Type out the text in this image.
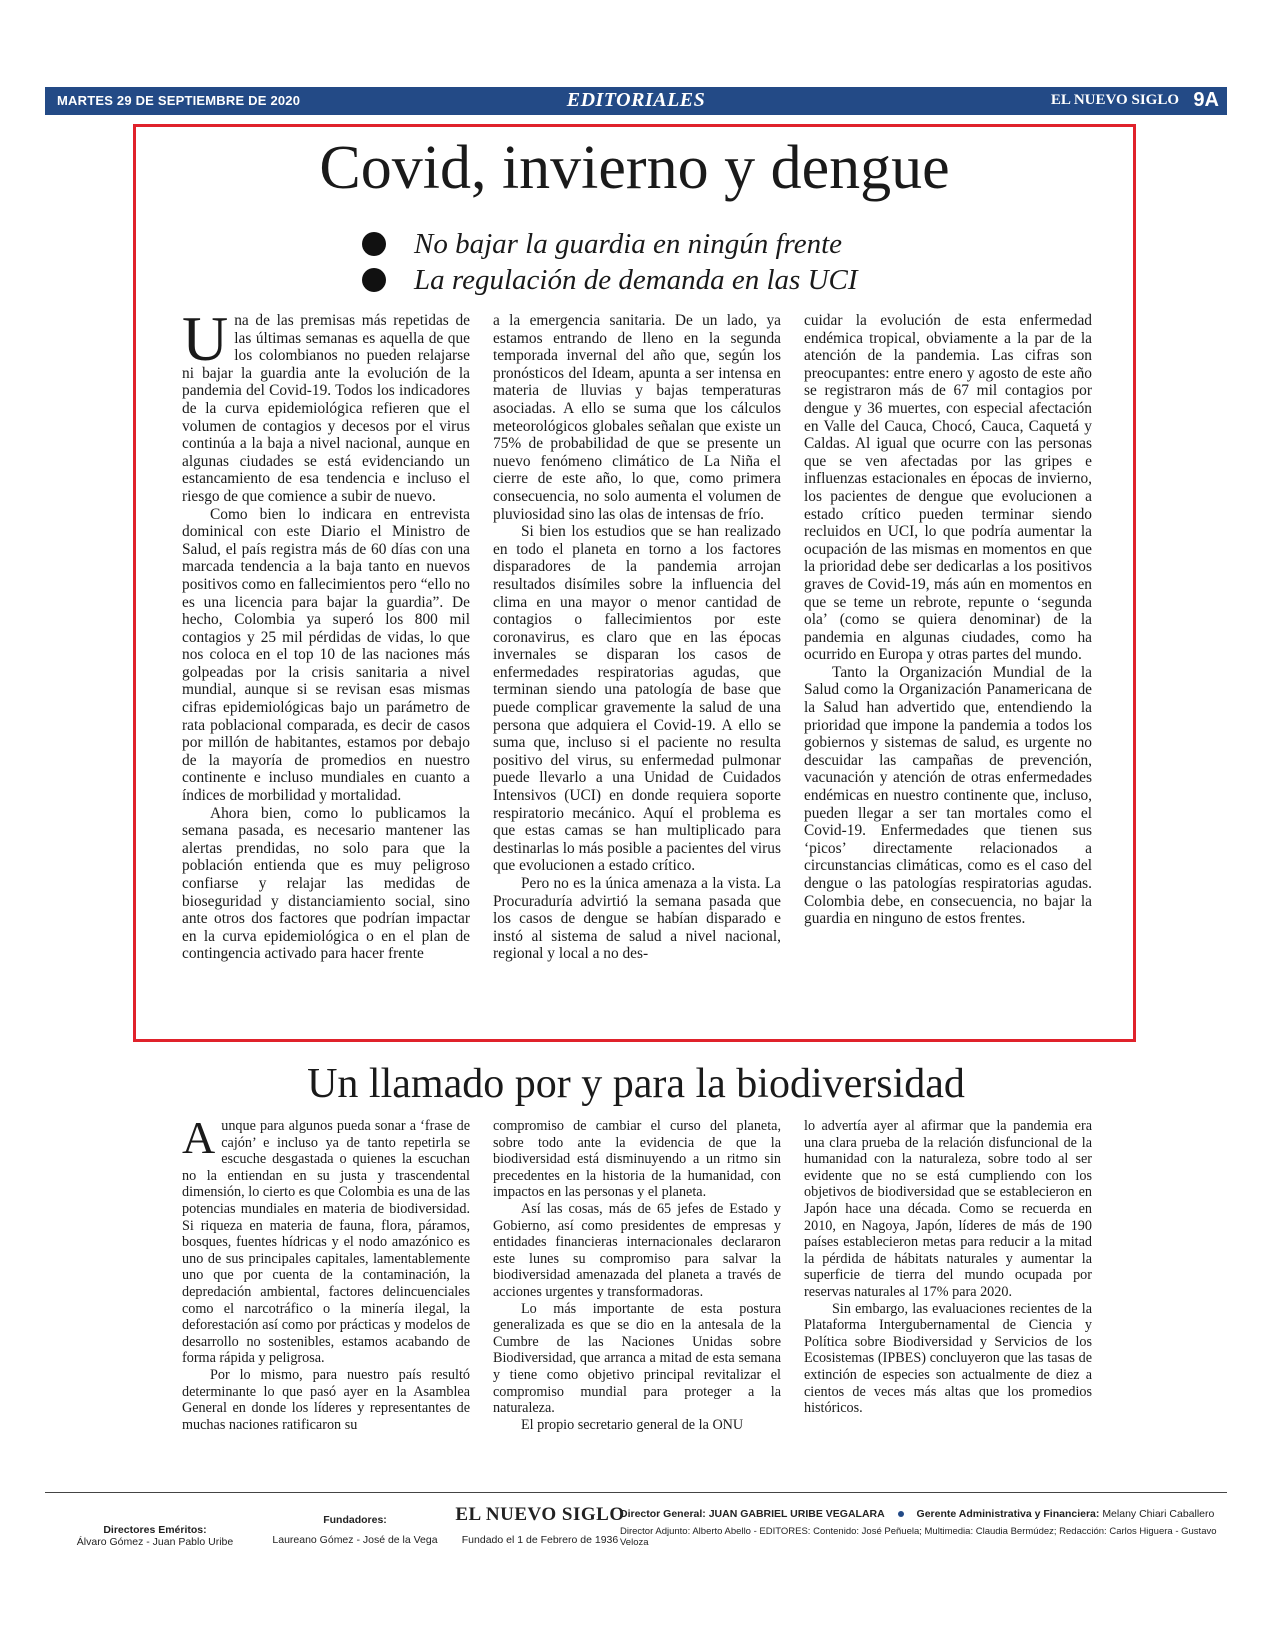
MARTES 29 DE SEPTIEMBRE DE 2020	EDITORIALES	EL NUEVO SIGLO 9A
Covid, invierno y dengue
No bajar la guardia en ningún frente
La regulación de demanda en las UCI

Una de las premisas más repetidas de las últimas semanas es aquella de que los colombianos no pueden relajarse ni bajar la guardia ante la evolución de la pandemia del Covid-19. Todos los indicadores de la curva epidemiológica refieren que el volumen de contagios y decesos por el virus continúa a la baja a nivel nacional, aunque en algunas ciudades se está evidenciando un estancamiento de esa tendencia e incluso el riesgo de que comience a subir de nuevo.

Como bien lo indicara en entrevista dominical con este Diario el Ministro de Salud, el país registra más de 60 días con una marcada tendencia a la baja tanto en nuevos positivos como en fallecimientos pero “ello no es una licencia para bajar la guardia”. De hecho, Colombia ya superó los 800 mil contagios y 25 mil pérdidas de vidas, lo que nos coloca en el top 10 de las naciones más golpeadas por la crisis sanitaria a nivel mundial, aunque si se revisan esas mismas cifras epidemiológicas bajo un parámetro de rata poblacional comparada, es decir de casos por millón de habitantes, estamos por debajo de la mayoría de promedios en nuestro continente e incluso mundiales en cuanto a índices de morbilidad y mortalidad.

Ahora bien, como lo publicamos la semana pasada, es necesario mantener las alertas prendidas, no solo para que la población entienda que es muy peligroso confiarse y relajar las medidas de bioseguridad y distanciamiento social, sino ante otros dos factores que podrían impactar en la curva epidemiológica o en el plan de contingencia activado para hacer frente

a la emergencia sanitaria. De un lado, ya estamos entrando de lleno en la segunda temporada invernal del año que, según los pronósticos del Ideam, apunta a ser intensa en materia de lluvias y bajas temperaturas asociadas. A ello se suma que los cálculos meteorológicos globales señalan que existe un 75% de probabilidad de que se presente un nuevo fenómeno climático de La Niña el cierre de este año, lo que, como primera consecuencia, no solo aumenta el volumen de pluviosidad sino las olas de intensas de frío.

Si bien los estudios que se han realizado en todo el planeta en torno a los factores disparadores de la pandemia arrojan resultados disímiles sobre la influencia del clima en una mayor o menor cantidad de contagios o fallecimientos por este coronavirus, es claro que en las épocas invernales se disparan los casos de enfermedades respiratorias agudas, que terminan siendo una patología de base que puede complicar gravemente la salud de una persona que adquiera el Covid-19. A ello se suma que, incluso si el paciente no resulta positivo del virus, su enfermedad pulmonar puede llevarlo a una Unidad de Cuidados Intensivos (UCI) en donde requiera soporte respiratorio mecánico. Aquí el problema es que estas camas se han multiplicado para destinarlas lo más posible a pacientes del virus que evolucionen a estado crítico.

Pero no es la única amenaza a la vista. La Procuraduría advirtió la semana pasada que los casos de dengue se habían disparado e instó al sistema de salud a nivel nacional, regional y local a no des-

cuidar la evolución de esta enfermedad endémica tropical, obviamente a la par de la atención de la pandemia. Las cifras son preocupantes: entre enero y agosto de este año se registraron más de 67 mil contagios por dengue y 36 muertes, con especial afectación en Valle del Cauca, Chocó, Cauca, Caquetá y Caldas. Al igual que ocurre con las personas que se ven afectadas por las gripes e influenzas estacionales en épocas de invierno, los pacientes de dengue que evolucionen a estado crítico pueden terminar siendo recluidos en UCI, lo que podría aumentar la ocupación de las mismas en momentos en que la prioridad debe ser dedicarlas a los positivos graves de Covid-19, más aún en momentos en que se teme un rebrote, repunte o ‘segunda ola’ (como se quiera denominar) de la pandemia en algunas ciudades, como ha ocurrido en Europa y otras partes del mundo.

Tanto la Organización Mundial de la Salud como la Organización Panamericana de la Salud han advertido que, entendiendo la prioridad que impone la pandemia a todos los gobiernos y sistemas de salud, es urgente no descuidar las campañas de prevención, vacunación y atención de otras enfermedades endémicas en nuestro continente que, incluso, pueden llegar a ser tan mortales como el Covid-19. Enfermedades que tienen sus ‘picos’ directamente relacionados a circunstancias climáticas, como es el caso del dengue o las patologías respiratorias agudas. Colombia debe, en consecuencia, no bajar la guardia en ninguno de estos frentes.

Un llamado por y para la biodiversidad

Aunque para algunos pueda sonar a ‘frase de cajón’ e incluso ya de tanto repetirla se escuche desgastada o quienes la escuchan no la entiendan en su justa y trascendental dimensión, lo cierto es que Colombia es una de las potencias mundiales en materia de biodiversidad. Si riqueza en materia de fauna, flora, páramos, bosques, fuentes hídricas y el nodo amazónico es uno de sus principales capitales, lamentablemente uno que por cuenta de la contaminación, la depredación ambiental, factores delincuenciales como el narcotráfico o la minería ilegal, la deforestación así como por prácticas y modelos de desarrollo no sostenibles, estamos acabando de forma rápida y peligrosa.

Por lo mismo, para nuestro país resultó determinante lo que pasó ayer en la Asamblea General en donde los líderes y representantes de muchas naciones ratificaron su

compromiso de cambiar el curso del planeta, sobre todo ante la evidencia de que la biodiversidad está disminuyendo a un ritmo sin precedentes en la historia de la humanidad, con impactos en las personas y el planeta.

Así las cosas, más de 65 jefes de Estado y Gobierno, así como presidentes de empresas y entidades financieras internacionales declararon este lunes su compromiso para salvar la biodiversidad amenazada del planeta a través de acciones urgentes y transformadoras.

Lo más importante de esta postura generalizada es que se dio en la antesala de la Cumbre de las Naciones Unidas sobre Biodiversidad, que arranca a mitad de esta semana y tiene como objetivo principal revitalizar el compromiso mundial para proteger a la naturaleza.

El propio secretario general de la ONU

lo advertía ayer al afirmar que la pandemia era una clara prueba de la relación disfuncional de la humanidad con la naturaleza, sobre todo al ser evidente que no se está cumpliendo con los objetivos de biodiversidad que se establecieron en Japón hace una década. Como se recuerda en 2010, en Nagoya, Japón, líderes de más de 190 países establecieron metas para reducir a la mitad la pérdida de hábitats naturales y aumentar la superficie de tierra del mundo ocupada por reservas naturales al 17% para 2020.

Sin embargo, las evaluaciones recientes de la Plataforma Intergubernamental de Ciencia y Política sobre Biodiversidad y Servicios de los Ecosistemas (IPBES) concluyeron que las tasas de extinción de especies son actualmente de diez a cientos de veces más altas que los promedios históricos.

Directores Eméritos:
Álvaro Gómez - Juan Pablo Uribe
Fundadores:
Laureano Gómez - José de la Vega
EL NUEVO SIGLO
Fundado el 1 de Febrero de 1936
Director General: JUAN GABRIEL URIBE VEGALARA	Gerente Administrativa y Financiera: Melany Chiari Caballero
Director Adjunto: Alberto Abello - EDITORES: Contenido: José Peñuela; Multimedia: Claudia Bermúdez; Redacción: Carlos Higuera - Gustavo Veloza
